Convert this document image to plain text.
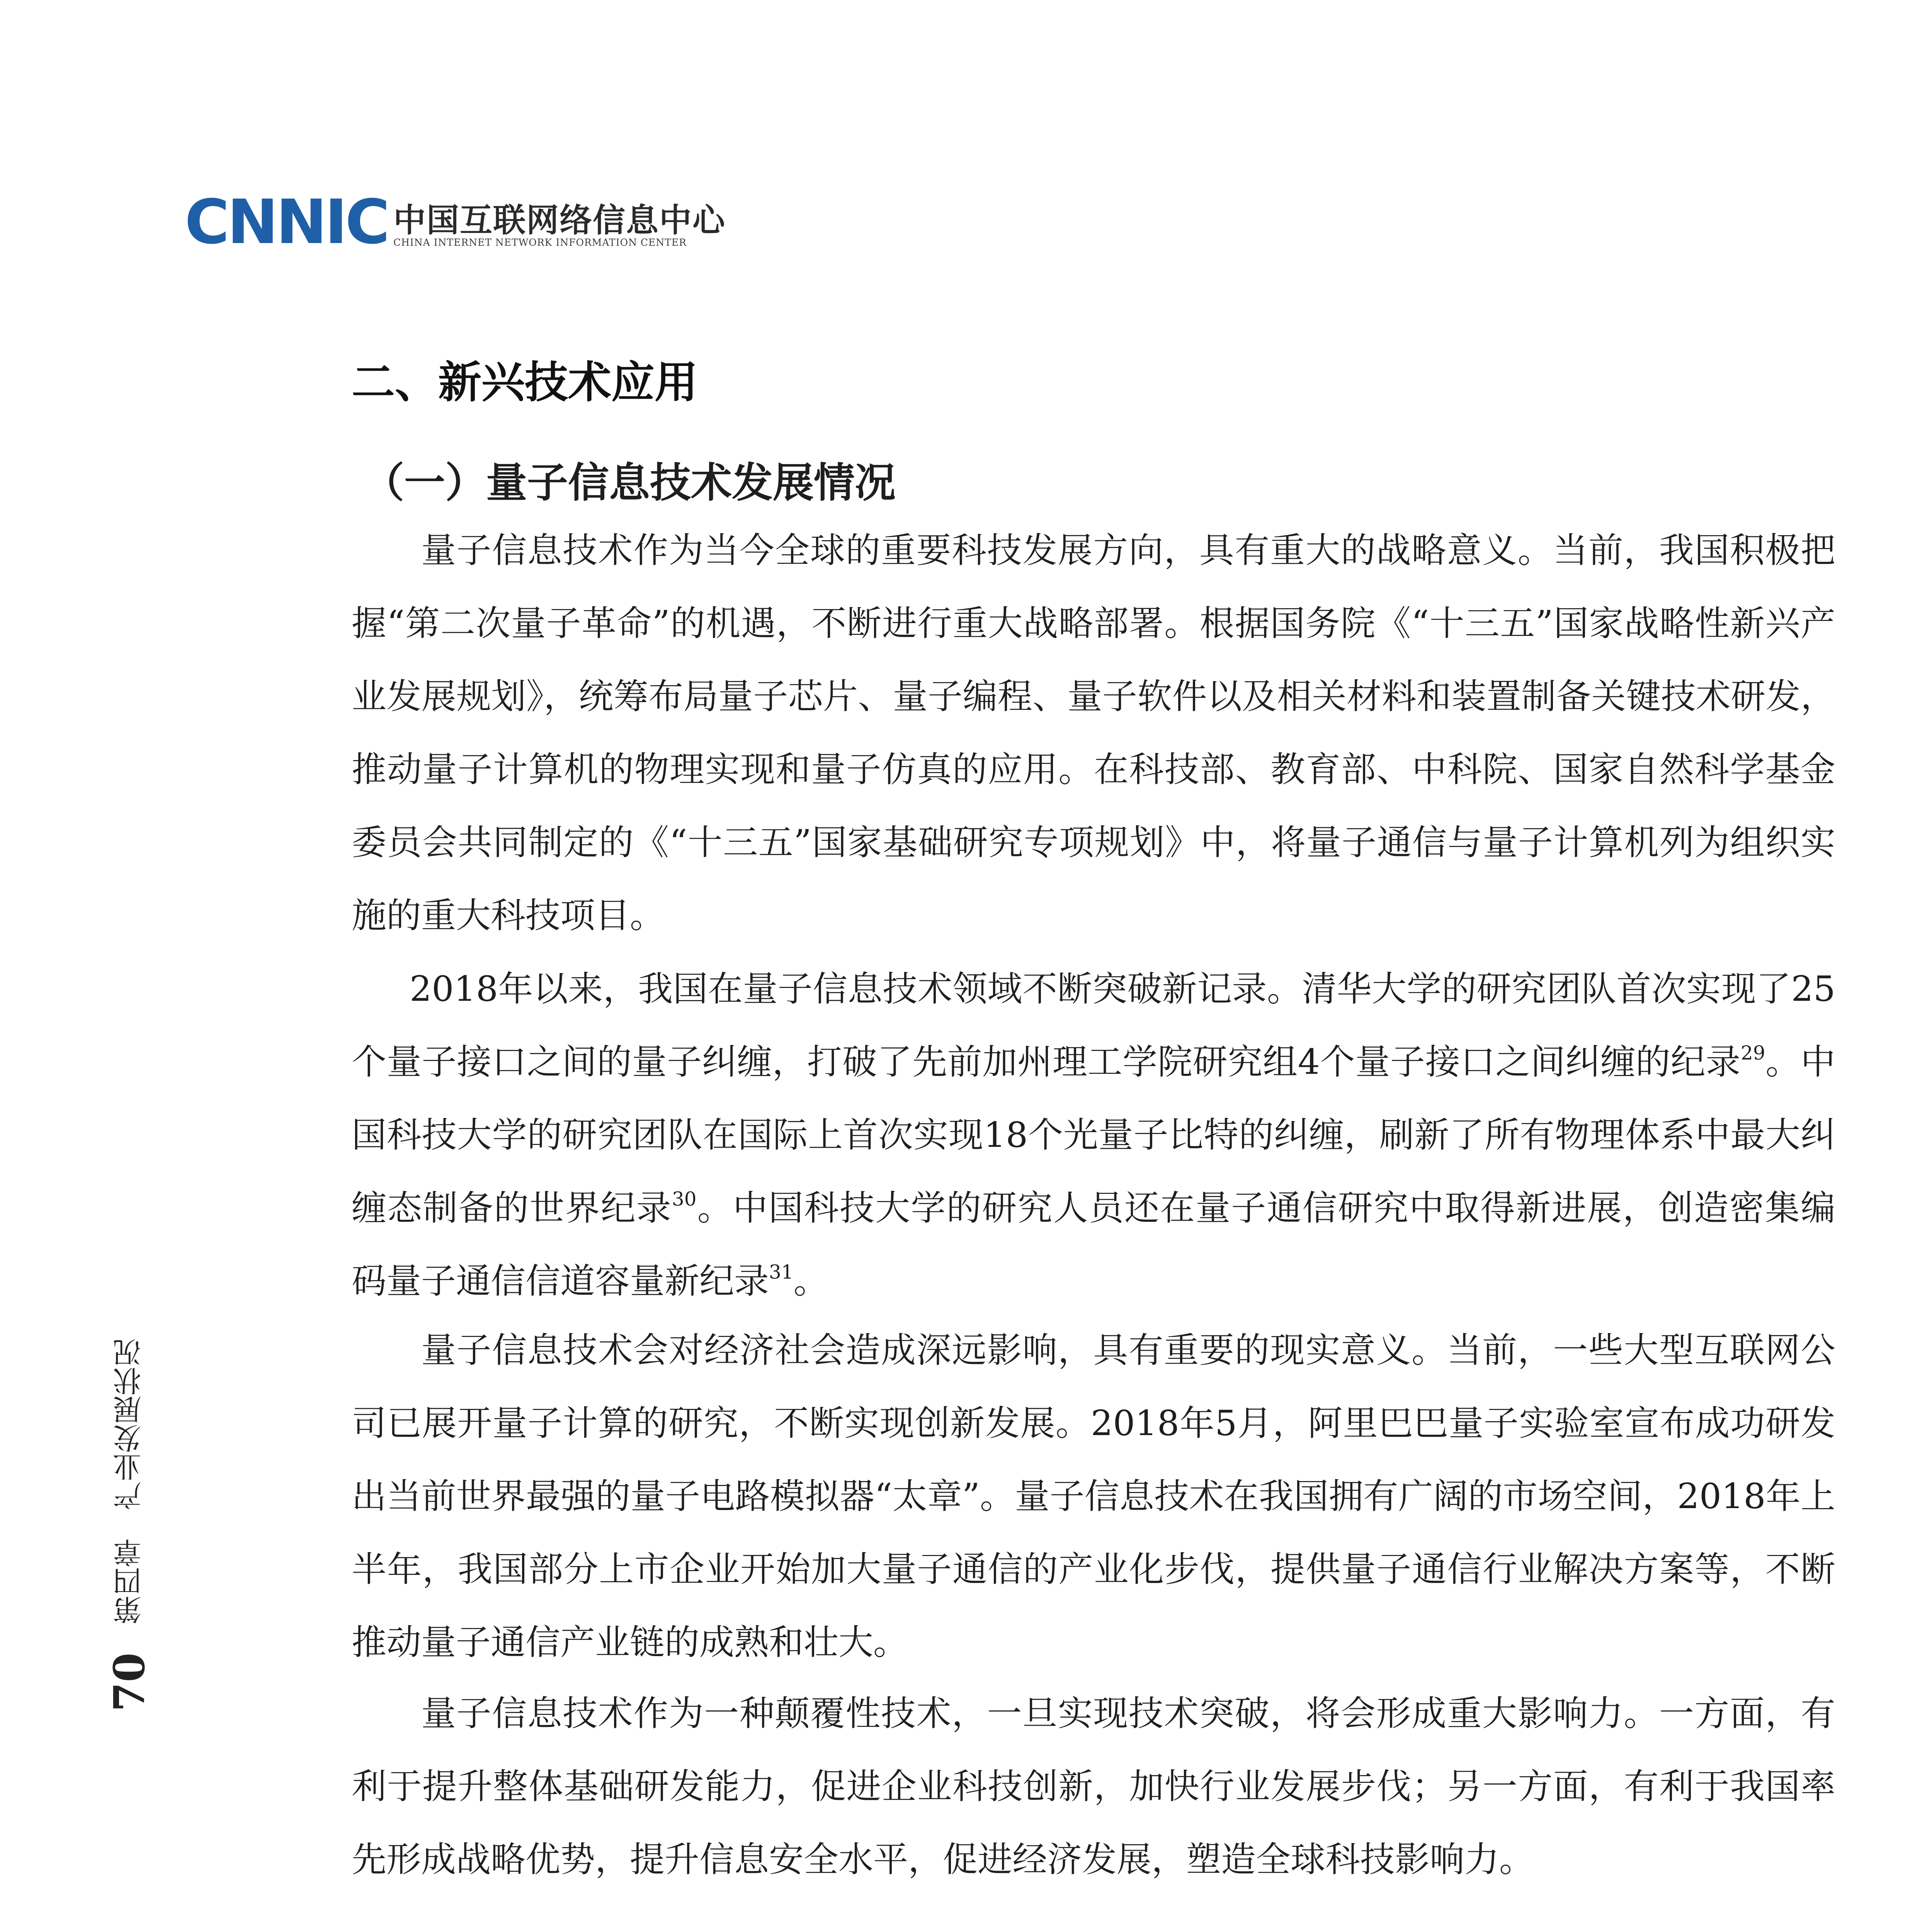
CNNIC 中国互联网络信息中心
CHINA INTERNET NETWORK INFORMATION CENTER
二、新兴技术应用
（一）量子信息技术发展情况

量子信息技术作为当今全球的重要科技发展方向，具有重大的战略意义。当前，我国积极把握“第二次量子革命”的机遇，不断进行重大战略部署。根据国务院《“十三五”国家战略性新兴产业发展规划》，统筹布局量子芯片、量子编程、量子软件以及相关材料和装置制备关键技术研发，推动量子计算机的物理实现和量子仿真的应用。在科技部、教育部、中科院、国家自然科学基金委员会共同制定的《“十三五”国家基础研究专项规划》中，将量子通信与量子计算机列为组织实施的重大科技项目。

2018年以来，我国在量子信息技术领域不断突破新记录。清华大学的研究团队首次实现了25个量子接口之间的量子纠缠，打破了先前加州理工学院研究组4个量子接口之间纠缠的纪录$^{29}$。中国科技大学的研究团队在国际上首次实现18个光量子比特的纠缠，刷新了所有物理体系中最大纠缠态制备的世界纪录$^{30}$。中国科技大学的研究人员还在量子通信研究中取得新进展，创造密集编码量子通信信道容量新纪录$^{31}$。

量子信息技术会对经济社会造成深远影响，具有重要的现实意义。当前，一些大型互联网公司已展开量子计算的研究，不断实现创新发展。2018年5月，阿里巴巴量子实验室宣布成功研发出当前世界最强的量子电路模拟器“太章”。量子信息技术在我国拥有广阔的市场空间，2018年上半年，我国部分上市企业开始加大量子通信的产业化步伐，提供量子通信行业解决方案等，不断推动量子通信产业链的成熟和壮大。

量子信息技术作为一种颠覆性技术，一旦实现技术突破，将会形成重大影响力。一方面，有利于提升整体基础研发能力，促进企业科技创新，加快行业发展步伐；另一方面，有利于我国率先形成战略优势，提升信息安全水平，促进经济发展，塑造全球科技影响力。

70 第四章 产业发展状况
